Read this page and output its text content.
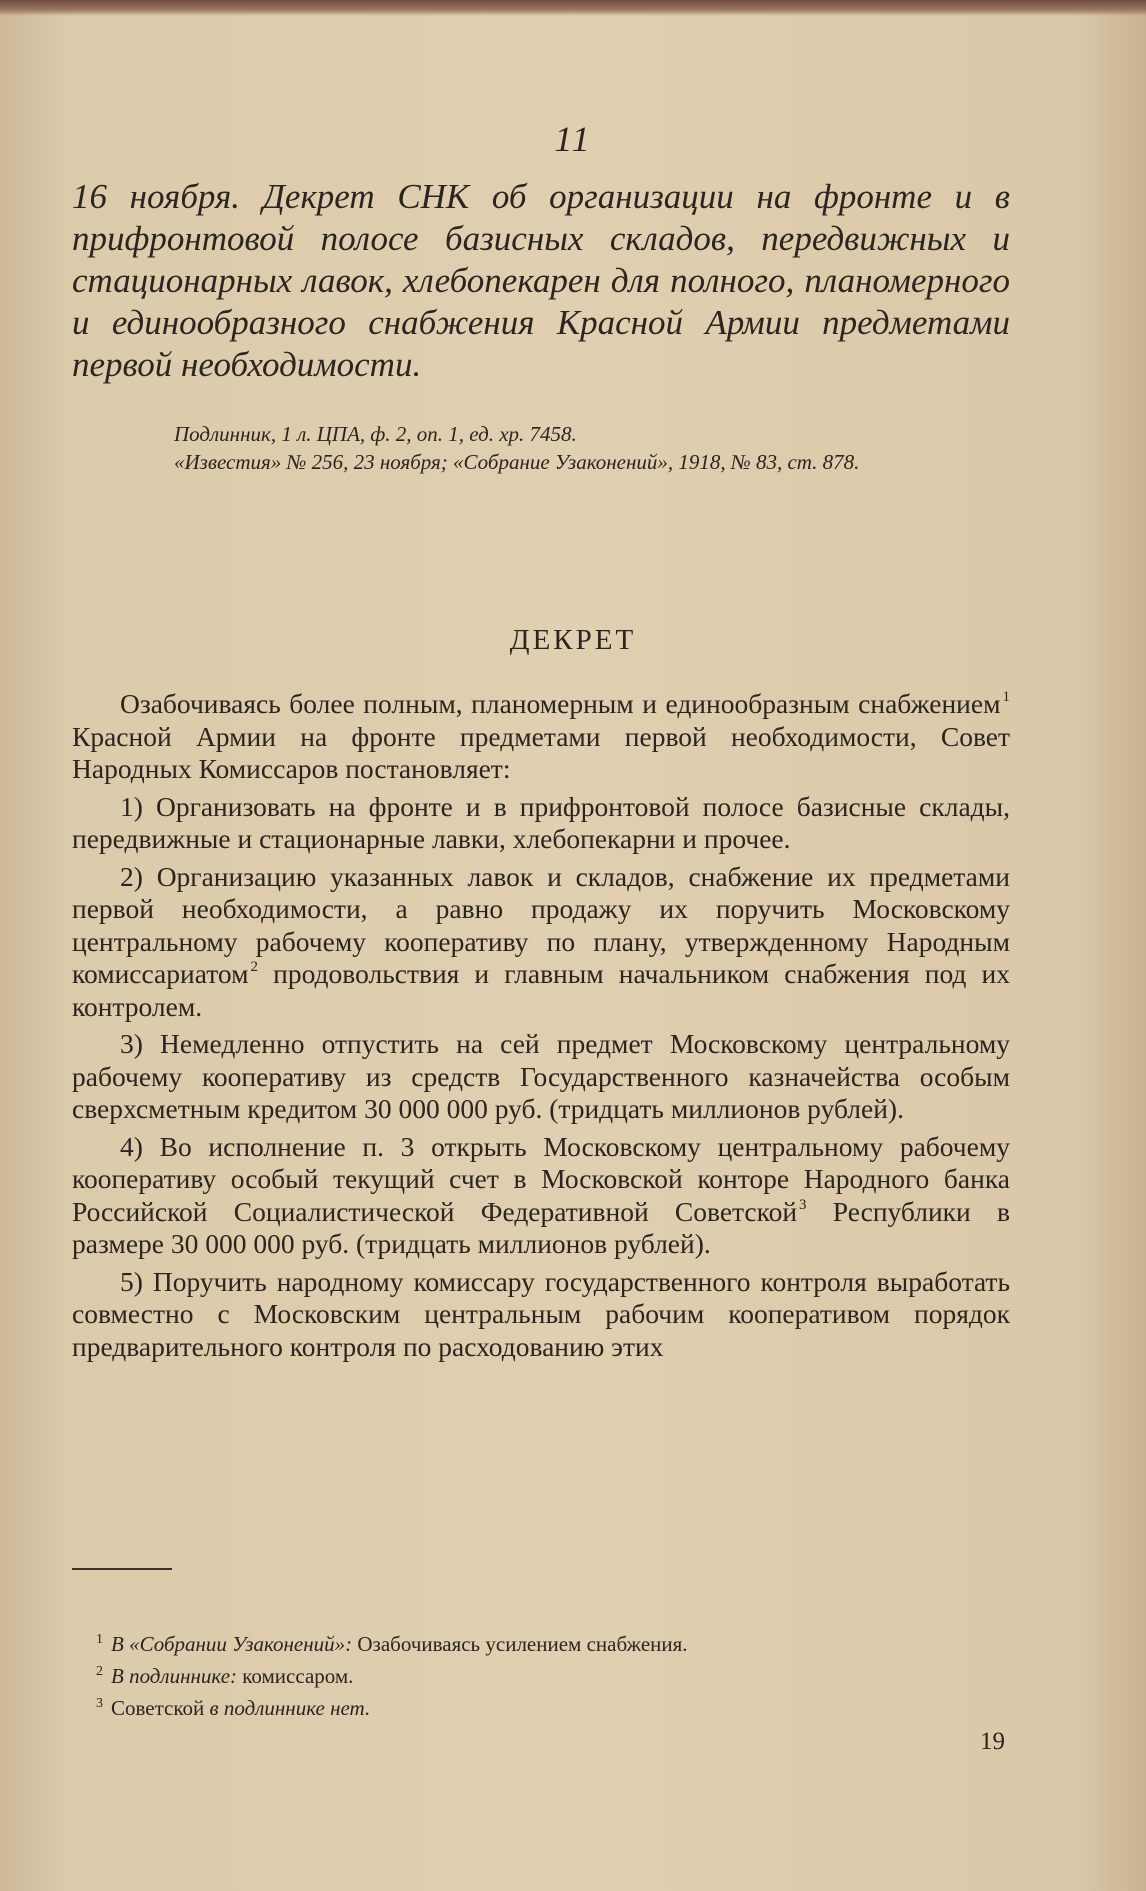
11
16 ноября. Декрет СНК об организации на фронте и в прифронтовой полосе базисных складов, передвижных и стационарных лавок, хлебопекарен для полного, планомерного и единообразного снабжения Красной Армии предметами первой необходимости.
Подлинник, 1 л. ЦПА, ф. 2, оп. 1, ед. хр. 7458.
«Известия» № 256, 23 ноября; «Собрание Узаконений», 1918, № 83, ст. 878.
ДЕКРЕТ

Озабочиваясь более полным, планомерным и единообразным снабжением $^1$ Красной Армии на фронте предметами первой необходимости, Совет Народных Комиссаров постановляет:

1) Организовать на фронте и в прифронтовой полосе базисные склады, передвижные и стационарные лавки, хлебопекарни и прочее.

2) Организацию указанных лавок и складов, снабжение их предметами первой необходимости, а равно продажу их поручить Московскому центральному рабочему кооперативу по плану, утвержденному Народным комиссариатом $^2$ продовольствия и главным начальником снабжения под их контролем.

3) Немедленно отпустить на сей предмет Московскому центральному рабочему кооперативу из средств Государственного казначейства особым сверхсметным кредитом 30 000 000 руб. (тридцать миллионов рублей).

4) Во исполнение п. 3 открыть Московскому центральному рабочему кооперативу особый текущий счет в Московской конторе Народного банка Российской Социалистической Федеративной Советской $^3$ Республики в размере 30 000 000 руб. (тридцать миллионов рублей).

5) Поручить народному комиссару государственного контроля выработать совместно с Московским центральным рабочим кооперативом порядок предварительного контроля по расходованию этих

$^1$ В «Собрании Узаконений»: Озабочиваясь усилением снабжения.
$^2$ В подлиннике: комиссаром.
$^3$ Советской в подлиннике нет.
19
